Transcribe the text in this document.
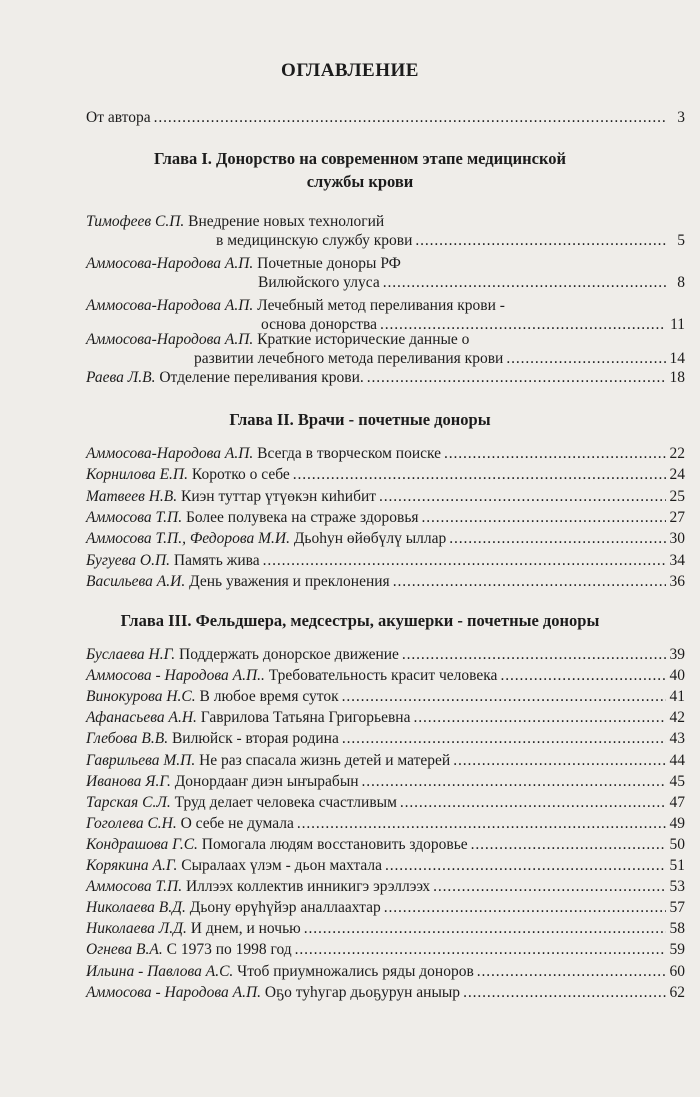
ОГЛАВЛЕНИЕ
От автора . . .	3
Глава I. Донорство на современном этапе медицинской
службы крови
Тимофеев С.П. Внедрение новых технологий
в медицинскую службу крови . . .	5
Аммосова-Народова А.П. Почетные доноры РФ
Вилюйского улуса . . .	8
Аммосова-Народова А.П. Лечебный метод переливания крови -
основа донорства . . .	11
Аммосова-Народова А.П. Краткие исторические данные о
развитии лечебного метода переливания крови . . .	14
Раева Л.В. Отделение переливания крови. . . .	18
Глава II. Врачи - почетные доноры
Аммосова-Народова А.П. Всегда в творческом поиске . . .	22
Корнилова Е.П. Коротко о себе . . .	24
Матвеев Н.В. Киэн туттар үтүөкэн киһибит . . .	25
Аммосова Т.П. Более полувека на страже здоровья . . .	27
Аммосова Т.П., Федорова М.И. Дьоһун өйөбүлү ыллар . . .	30
Бугуева О.П. Память жива . . .	34
Васильева А.И. День уважения и преклонения . . .	36
Глава III. Фельдшера, медсестры, акушерки - почетные доноры
Буслаева Н.Г. Поддержать донорское движение . . .	39
Аммосова - Народова А.П.. Требовательность красит человека . . .	40
Винокурова Н.С. В любое время суток . . .	41
Афанасьева А.Н. Гаврилова Татьяна Григорьевна . . .	42
Глебова В.В. Вилюйск - вторая родина . . .	43
Гаврильева М.П. Не раз спасала жизнь детей и матерей . . .	44
Иванова Я.Г. Донордааҥ диэн ыҥырабын . . .	45
Тарская С.Л. Труд делает человека счастливым . . .	47
Гоголева С.Н. О себе не думала . . .	49
Кондрашова Г.С. Помогала людям восстановить здоровье . . .	50
Корякина А.Г. Сыралаах үлэм - дьон махтала . . .	51
Аммосова Т.П. Иллээх коллектив инникигэ эрэллээх . . .	53
Николаева В.Д. Дьону өрүһүйэр аналлаахтар . . .	57
Николаева Л.Д. И днем, и ночью . . .	58
Огнева В.А. С 1973 по 1998 год . . .	59
Ильина - Павлова А.С. Чтоб приумножались ряды доноров . . .	60
Аммосова - Народова А.П. Оҕо туһугар дьоҕурун аныыр . . .	62
